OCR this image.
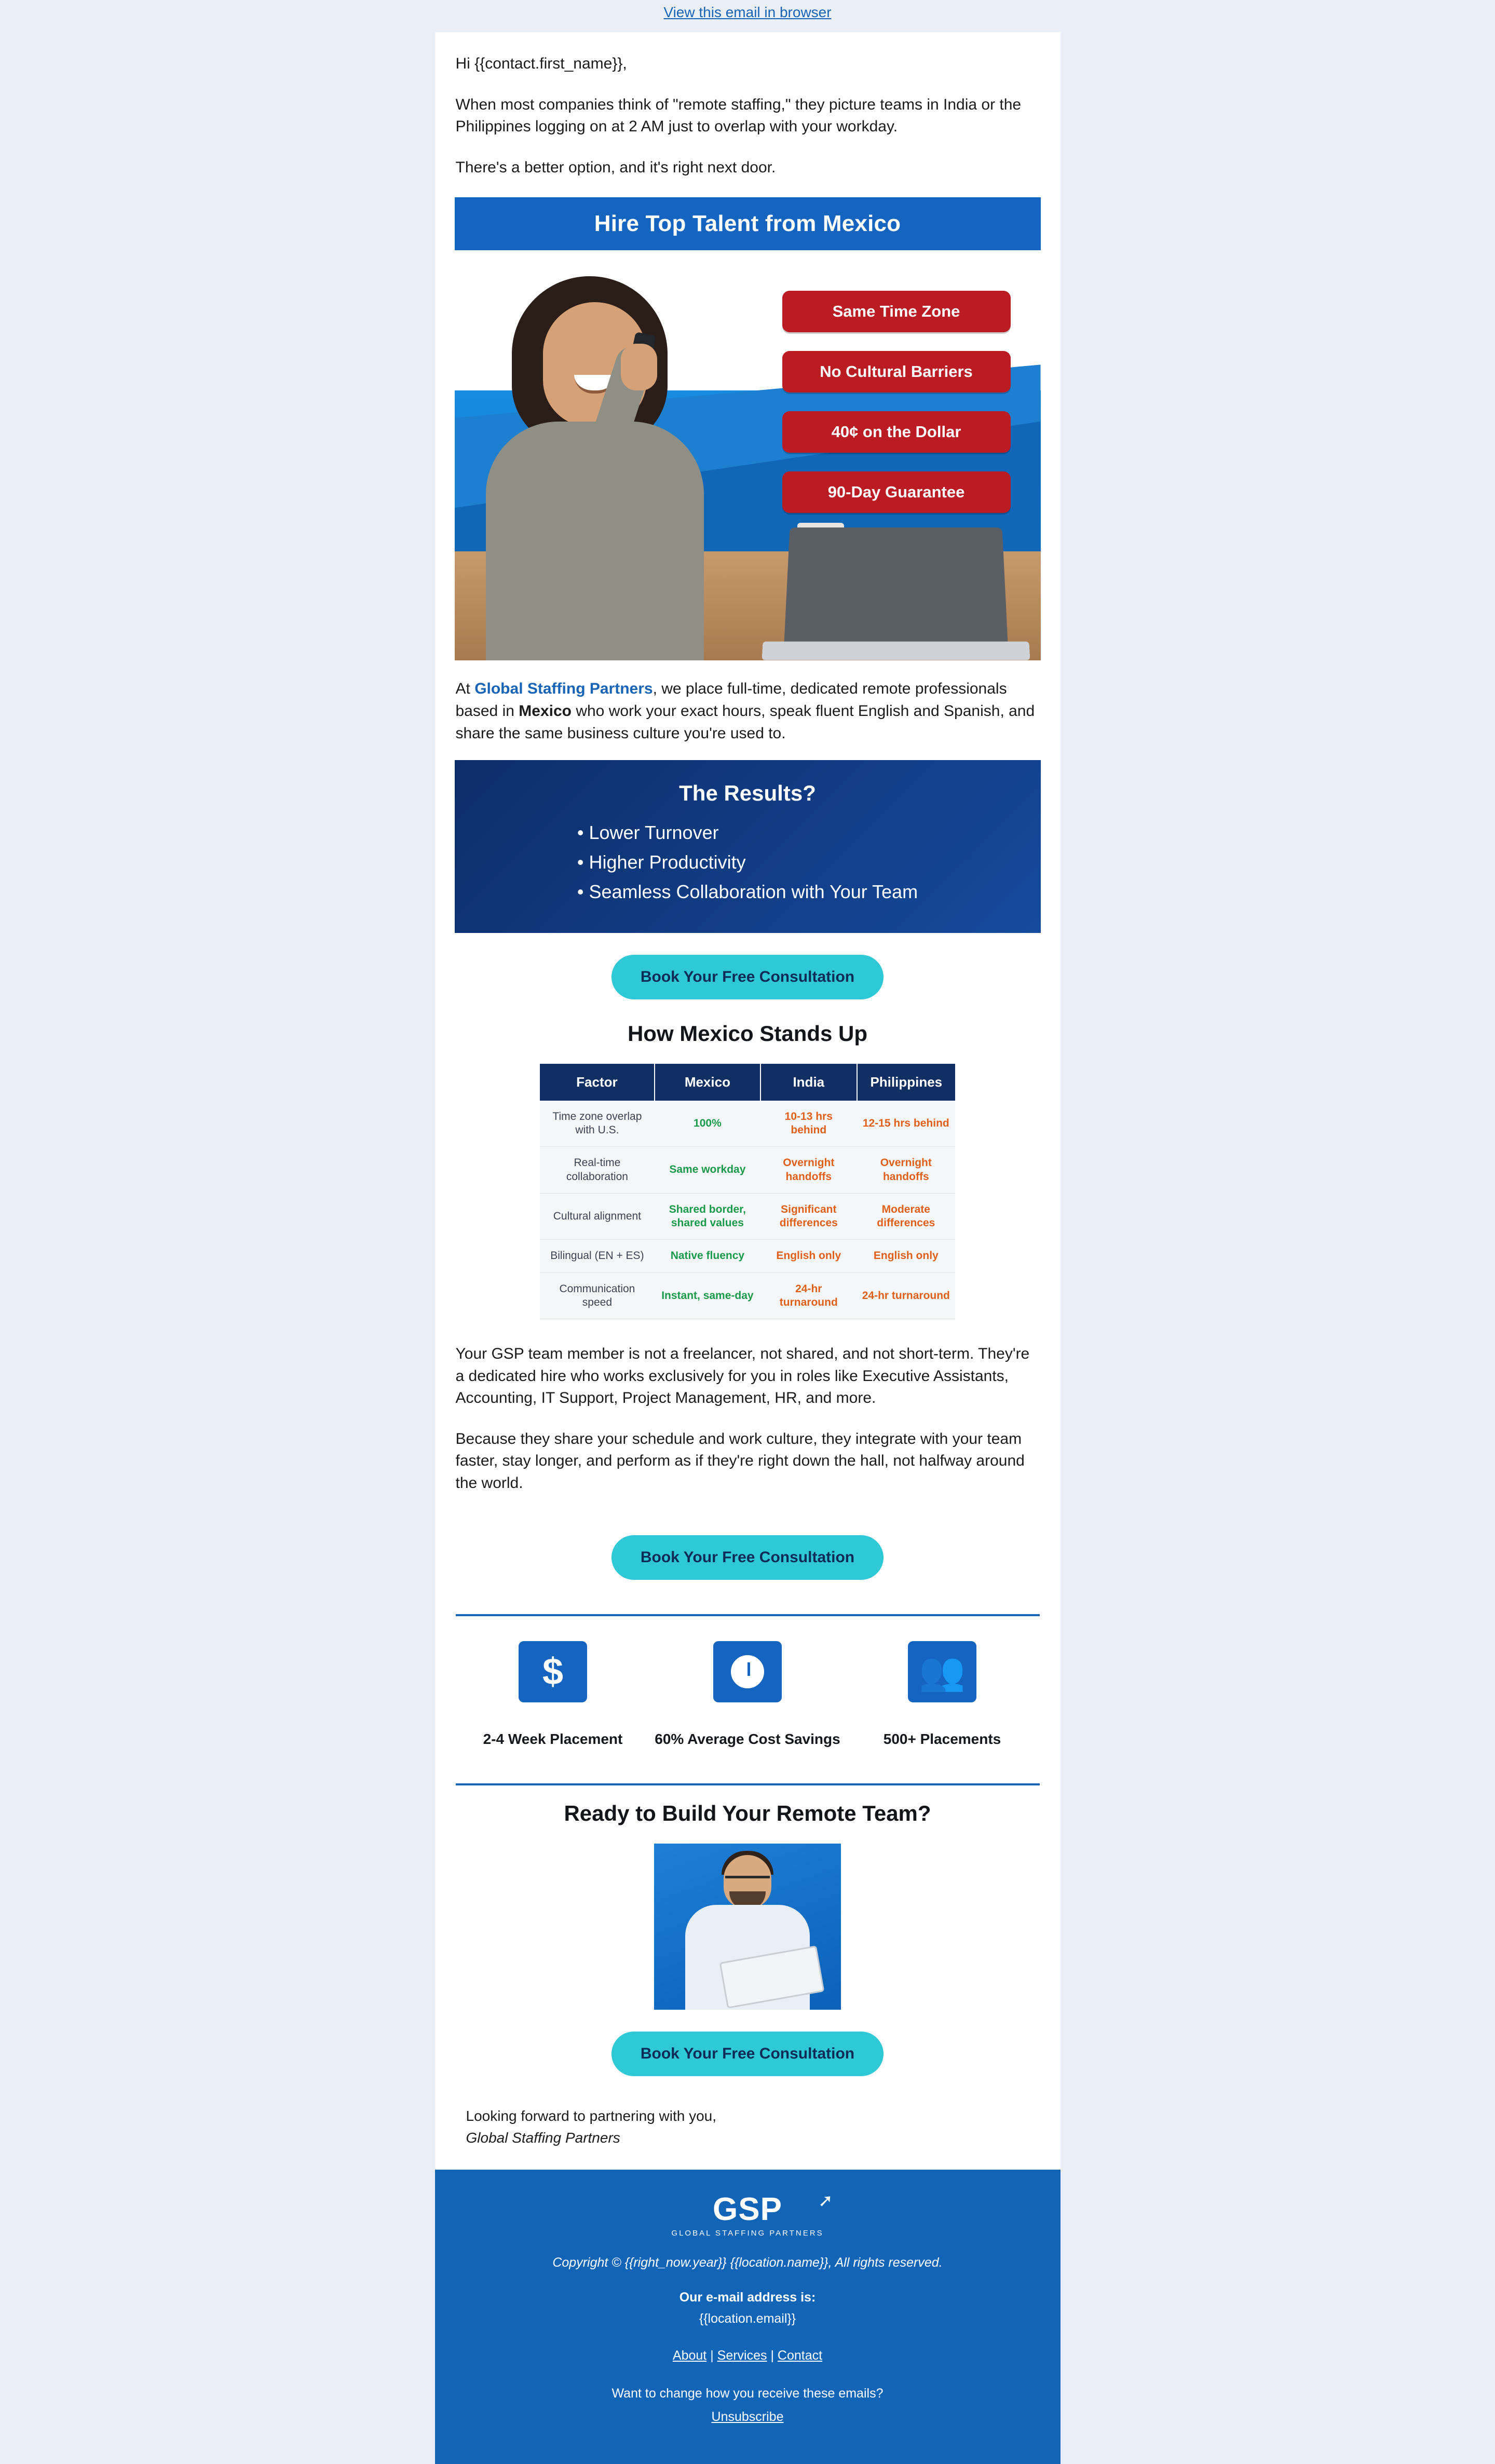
View this email in browser

Hi {{contact.first_name}},

When most companies think of "remote staffing," they picture teams in India or the Philippines logging on at 2 AM just to overlap with your workday.

There's a better option, and it's right next door.

Hire Top Talent from Mexico
Same Time Zone
No Cultural Barriers
40¢ on the Dollar
90-Day Guarantee

At Global Staffing Partners, we place full-time, dedicated remote professionals based in Mexico who work your exact hours, speak fluent English and Spanish, and share the same business culture you're used to.

The Results?
• Lower Turnover
• Higher Productivity
• Seamless Collaboration with Your Team
Book Your Free Consultation
How Mexico Stands Up
Factor	Mexico	India	Philippines
Time zone overlap with U.S.	100%	10-13 hrs behind	12-15 hrs behind
Real-time collaboration	Same workday	Overnight handoffs	Overnight handoffs
Cultural alignment	Shared border, shared values	Significant differences	Moderate differences
Bilingual (EN + ES)	Native fluency	English only	English only
Communication speed	Instant, same-day	24-hr turnaround	24-hr turnaround

Your GSP team member is not a freelancer, not shared, and not short-term. They're a dedicated hire who works exclusively for you in roles like Executive Assistants, Accounting, IT Support, Project Management, HR, and more.

Because they share your schedule and work culture, they integrate with your team faster, stay longer, and perform as if they're right down the hall, not halfway around the world.

Book Your Free Consultation
$
2-4 Week Placement	60% Average Cost Savings
👥
500+ Placements
Ready to Build Your Remote Team?
Book Your Free Consultation
Looking forward to partnering with you,
Global Staffing Partners
➚
GSP
GLOBAL STAFFING PARTNERS

Copyright © {{right_now.year}} {{location.name}}, All rights reserved.

Our e-mail address is:

{{location.email}}

About | Services | Contact

Want to change how you receive these emails?

Unsubscribe
